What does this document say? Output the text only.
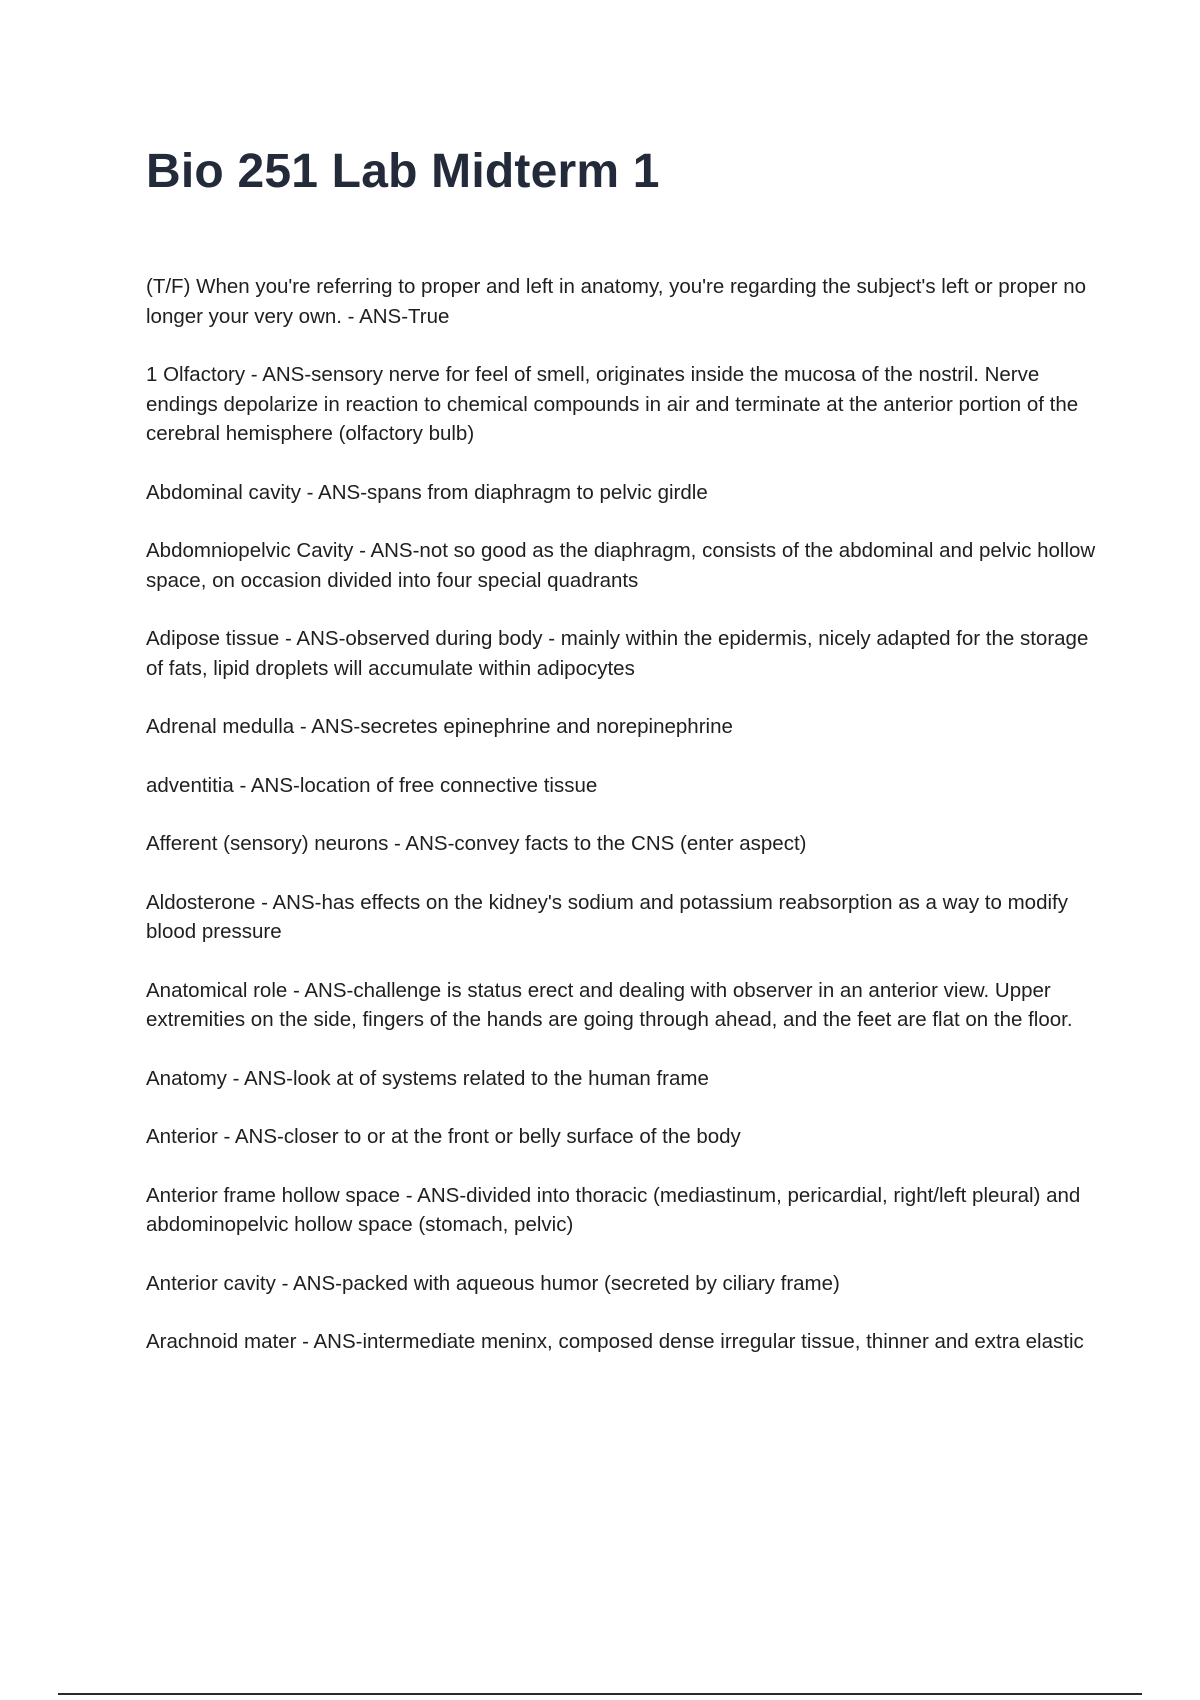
Bio 251 Lab Midterm 1
(T/F) When you're referring to proper and left in anatomy, you're regarding the subject's left or proper no longer your very own. - ANS-True
1 Olfactory - ANS-sensory nerve for feel of smell, originates inside the mucosa of the nostril. Nerve endings depolarize in reaction to chemical compounds in air and terminate at the anterior portion of the cerebral hemisphere (olfactory bulb)
Abdominal cavity - ANS-spans from diaphragm to pelvic girdle
Abdomniopelvic Cavity - ANS-not so good as the diaphragm, consists of the abdominal and pelvic hollow space, on occasion divided into four special quadrants
Adipose tissue - ANS-observed during body - mainly within the epidermis, nicely adapted for the storage of fats, lipid droplets will accumulate within adipocytes
Adrenal medulla - ANS-secretes epinephrine and norepinephrine
adventitia - ANS-location of free connective tissue
Afferent (sensory) neurons - ANS-convey facts to the CNS (enter aspect)
Aldosterone - ANS-has effects on the kidney's sodium and potassium reabsorption as a way to modify blood pressure
Anatomical role - ANS-challenge is status erect and dealing with observer in an anterior view. Upper extremities on the side, fingers of the hands are going through ahead, and the feet are flat on the floor.
Anatomy - ANS-look at of systems related to the human frame
Anterior - ANS-closer to or at the front or belly surface of the body
Anterior frame hollow space - ANS-divided into thoracic (mediastinum, pericardial, right/left pleural) and abdominopelvic hollow space (stomach, pelvic)
Anterior cavity - ANS-packed with aqueous humor (secreted by ciliary frame)
Arachnoid mater - ANS-intermediate meninx, composed dense irregular tissue, thinner and extra elastic
